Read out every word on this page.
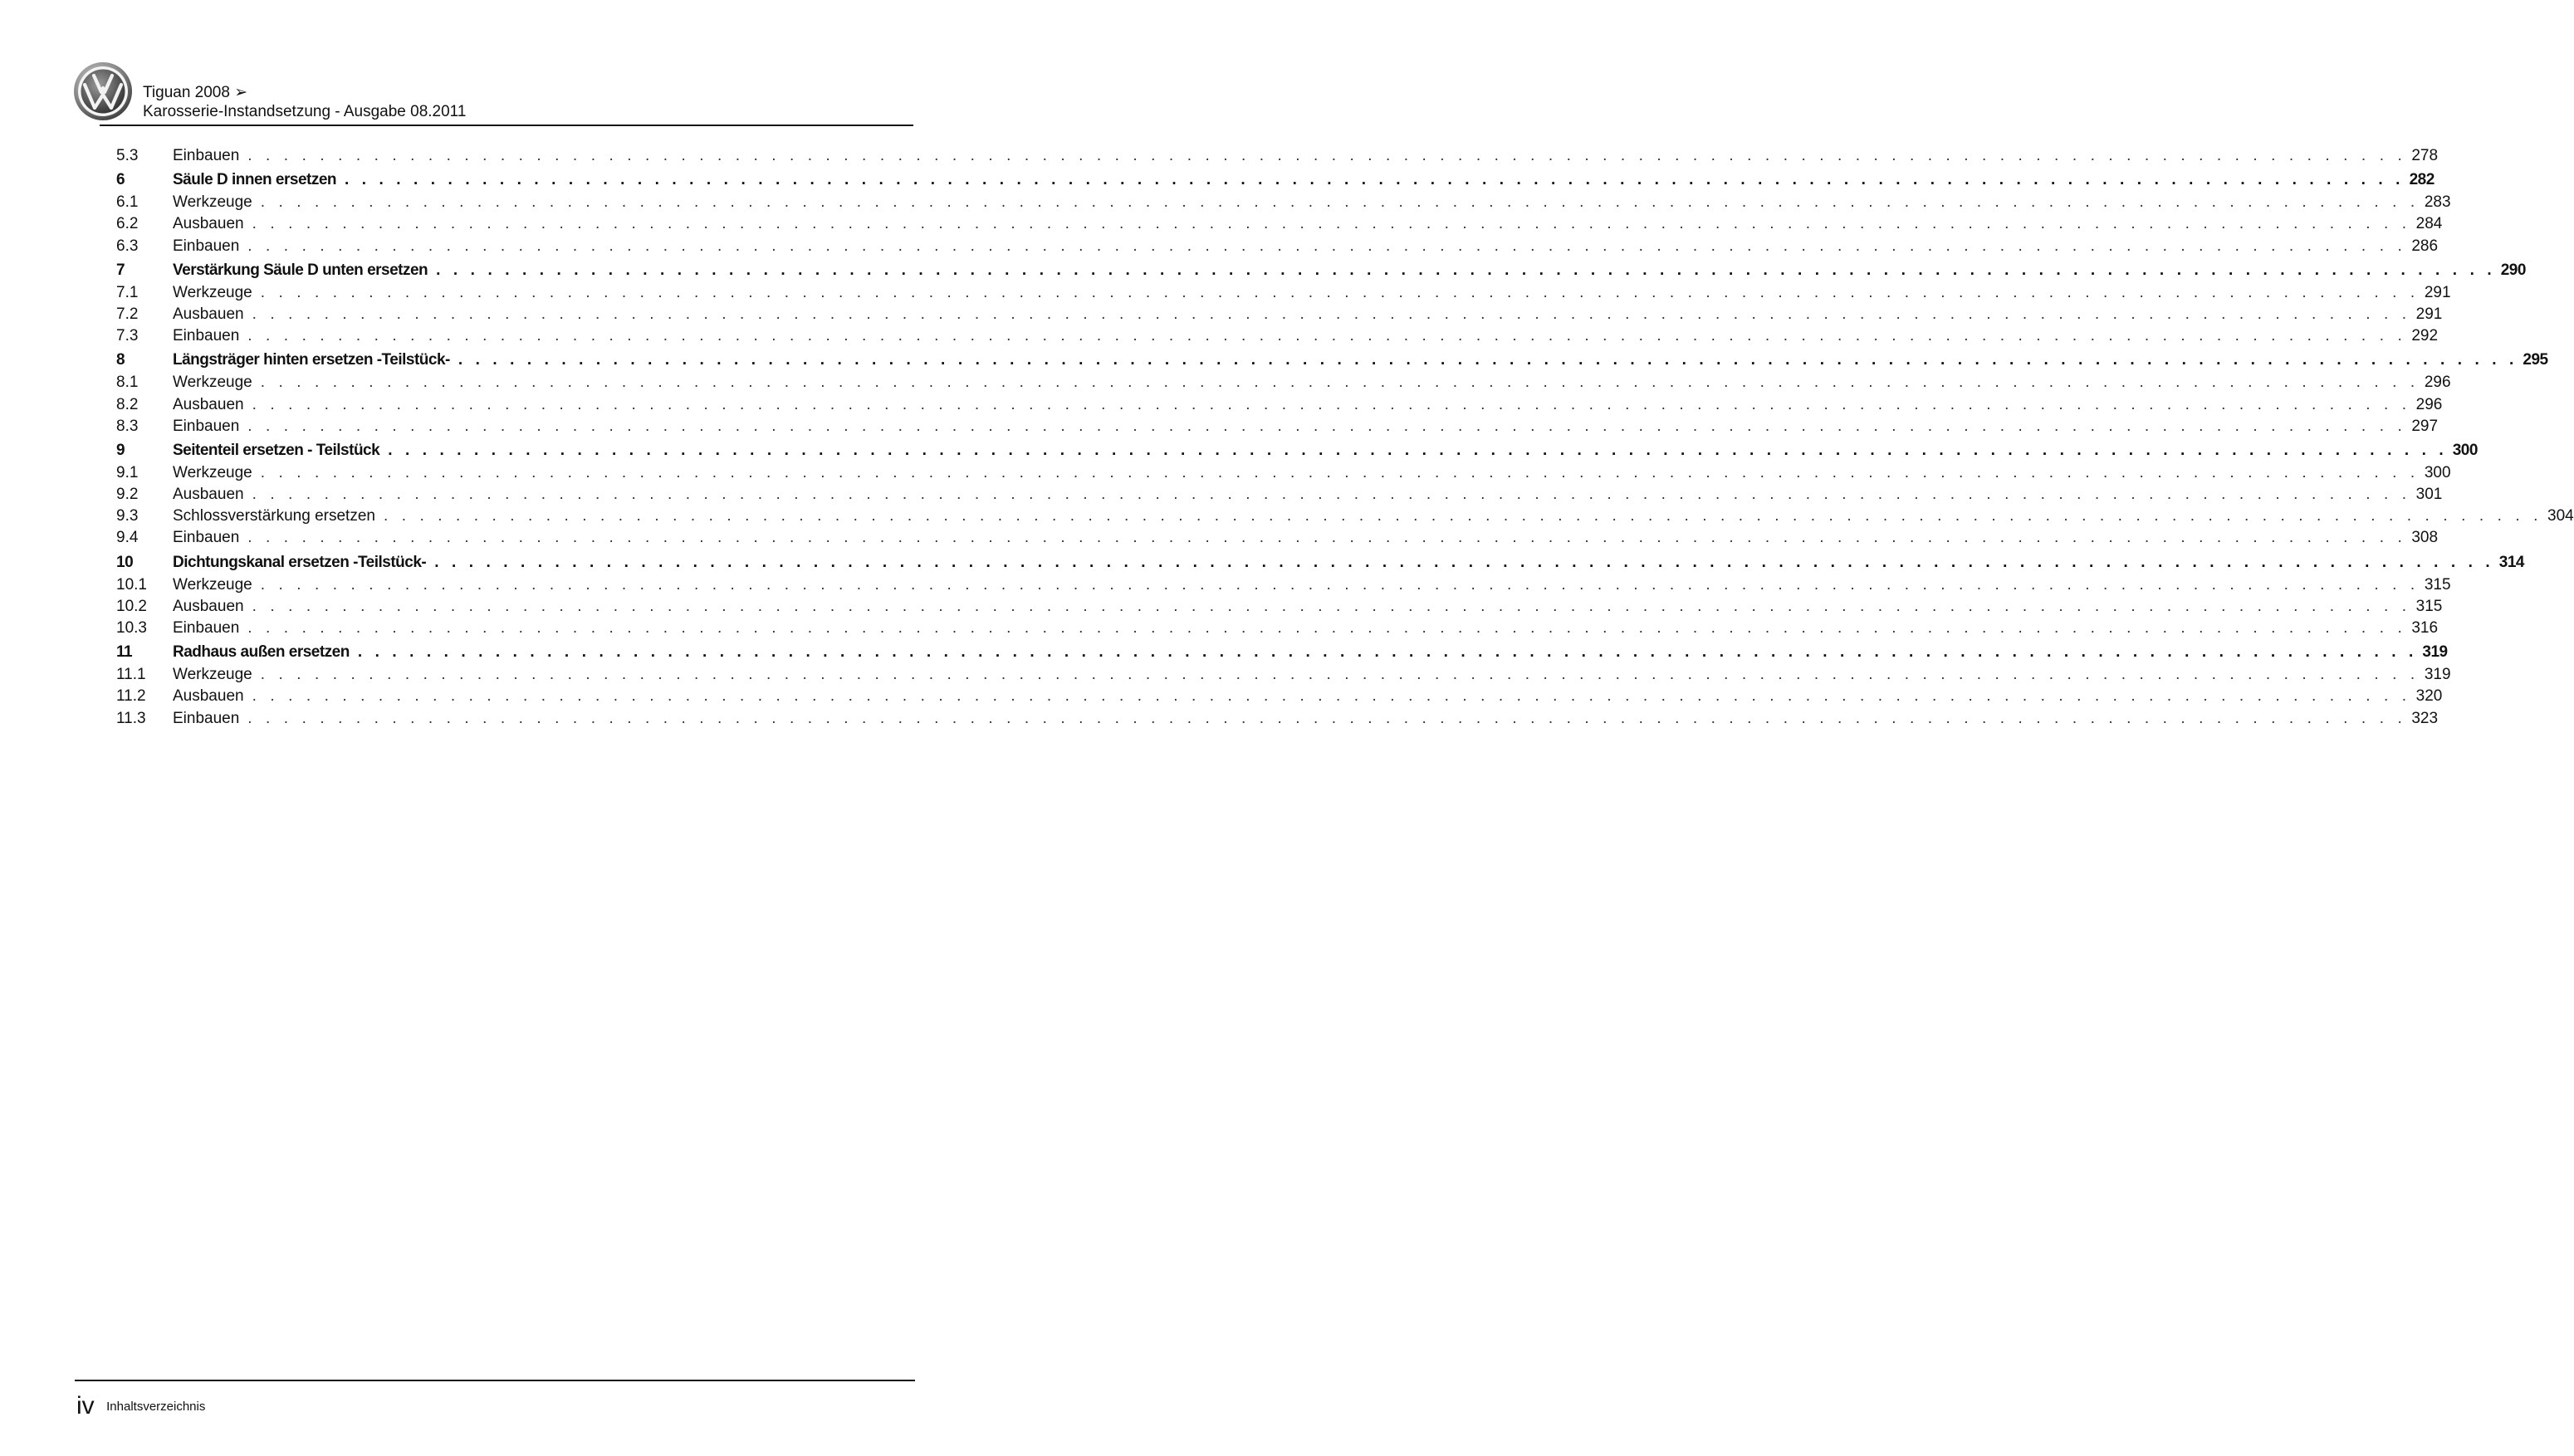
Tiguan 2008 ➢
Karosserie-Instandsetzung - Ausgabe 08.2011
5.3	Einbauen . . . . . . . . . . . . . . . . . . . . . . . . . . . . . . . . . . . . . . . . . . . . . . . . . . . . . . . . . . . . . . . . . . . . . . . . . . . . . . . . . . . . . . . . . . . . . . . . . . . . . . . . . . . . . . . . . . . . . . . . 278
6	Säule D innen ersetzen . . . . . . . . . . . . . . . . . . . . . . . . . . . . . . . . . . . . . . . . . . . . . . . . . . . . . . . . . . . . . . . . . . . . . . . . . . . . . . . . . . . . . . . . . . . . . . . . . . . . . . . . . . . . . . . . . . . . . . . . 282
6.1	Werkzeuge . . . . . . . . . . . . . . . . . . . . . . . . . . . . . . . . . . . . . . . . . . . . . . . . . . . . . . . . . . . . . . . . . . . . . . . . . . . . . . . . . . . . . . . . . . . . . . . . . . . . . . . . . . . . . . . . . . . . . . . . 283
6.2	Ausbauen . . . . . . . . . . . . . . . . . . . . . . . . . . . . . . . . . . . . . . . . . . . . . . . . . . . . . . . . . . . . . . . . . . . . . . . . . . . . . . . . . . . . . . . . . . . . . . . . . . . . . . . . . . . . . . . . . . . . . . . . 284
6.3	Einbauen . . . . . . . . . . . . . . . . . . . . . . . . . . . . . . . . . . . . . . . . . . . . . . . . . . . . . . . . . . . . . . . . . . . . . . . . . . . . . . . . . . . . . . . . . . . . . . . . . . . . . . . . . . . . . . . . . . . . . . . . 286
7	Verstärkung Säule D unten ersetzen . . . . . . . . . . . . . . . . . . . . . . . . . . . . . . . . . . . . . . . . . . . . . . . . . . . . . . . . . . . . . . . . . . . . . . . . . . . . . . . . . . . . . . . . . . . . . . . . . . . . . . . . . . . . . . . . . . . . . . . . 290
7.1	Werkzeuge . . . . . . . . . . . . . . . . . . . . . . . . . . . . . . . . . . . . . . . . . . . . . . . . . . . . . . . . . . . . . . . . . . . . . . . . . . . . . . . . . . . . . . . . . . . . . . . . . . . . . . . . . . . . . . . . . . . . . . . . 291
7.2	Ausbauen . . . . . . . . . . . . . . . . . . . . . . . . . . . . . . . . . . . . . . . . . . . . . . . . . . . . . . . . . . . . . . . . . . . . . . . . . . . . . . . . . . . . . . . . . . . . . . . . . . . . . . . . . . . . . . . . . . . . . . . . 291
7.3	Einbauen . . . . . . . . . . . . . . . . . . . . . . . . . . . . . . . . . . . . . . . . . . . . . . . . . . . . . . . . . . . . . . . . . . . . . . . . . . . . . . . . . . . . . . . . . . . . . . . . . . . . . . . . . . . . . . . . . . . . . . . . 292
8	Längsträger hinten ersetzen -Teilstück- . . . . . . . . . . . . . . . . . . . . . . . . . . . . . . . . . . . . . . . . . . . . . . . . . . . . . . . . . . . . . . . . . . . . . . . . . . . . . . . . . . . . . . . . . . . . . . . . . . . . . . . . . . . . . . . . . . . . . . . . 295
8.1	Werkzeuge . . . . . . . . . . . . . . . . . . . . . . . . . . . . . . . . . . . . . . . . . . . . . . . . . . . . . . . . . . . . . . . . . . . . . . . . . . . . . . . . . . . . . . . . . . . . . . . . . . . . . . . . . . . . . . . . . . . . . . . . 296
8.2	Ausbauen . . . . . . . . . . . . . . . . . . . . . . . . . . . . . . . . . . . . . . . . . . . . . . . . . . . . . . . . . . . . . . . . . . . . . . . . . . . . . . . . . . . . . . . . . . . . . . . . . . . . . . . . . . . . . . . . . . . . . . . . 296
8.3	Einbauen . . . . . . . . . . . . . . . . . . . . . . . . . . . . . . . . . . . . . . . . . . . . . . . . . . . . . . . . . . . . . . . . . . . . . . . . . . . . . . . . . . . . . . . . . . . . . . . . . . . . . . . . . . . . . . . . . . . . . . . . 297
9	Seitenteil ersetzen - Teilstück . . . . . . . . . . . . . . . . . . . . . . . . . . . . . . . . . . . . . . . . . . . . . . . . . . . . . . . . . . . . . . . . . . . . . . . . . . . . . . . . . . . . . . . . . . . . . . . . . . . . . . . . . . . . . . . . . . . . . . . . 300
9.1	Werkzeuge . . . . . . . . . . . . . . . . . . . . . . . . . . . . . . . . . . . . . . . . . . . . . . . . . . . . . . . . . . . . . . . . . . . . . . . . . . . . . . . . . . . . . . . . . . . . . . . . . . . . . . . . . . . . . . . . . . . . . . . . 300
9.2	Ausbauen . . . . . . . . . . . . . . . . . . . . . . . . . . . . . . . . . . . . . . . . . . . . . . . . . . . . . . . . . . . . . . . . . . . . . . . . . . . . . . . . . . . . . . . . . . . . . . . . . . . . . . . . . . . . . . . . . . . . . . . . 301
9.3	Schlossverstärkung ersetzen . . . . . . . . . . . . . . . . . . . . . . . . . . . . . . . . . . . . . . . . . . . . . . . . . . . . . . . . . . . . . . . . . . . . . . . . . . . . . . . . . . . . . . . . . . . . . . . . . . . . . . . . . . . . . . . . . . . . . . . . 304
9.4	Einbauen . . . . . . . . . . . . . . . . . . . . . . . . . . . . . . . . . . . . . . . . . . . . . . . . . . . . . . . . . . . . . . . . . . . . . . . . . . . . . . . . . . . . . . . . . . . . . . . . . . . . . . . . . . . . . . . . . . . . . . . . 308
10	Dichtungskanal ersetzen -Teilstück- . . . . . . . . . . . . . . . . . . . . . . . . . . . . . . . . . . . . . . . . . . . . . . . . . . . . . . . . . . . . . . . . . . . . . . . . . . . . . . . . . . . . . . . . . . . . . . . . . . . . . . . . . . . . . . . . . . . . . . . . 314
10.1	Werkzeuge . . . . . . . . . . . . . . . . . . . . . . . . . . . . . . . . . . . . . . . . . . . . . . . . . . . . . . . . . . . . . . . . . . . . . . . . . . . . . . . . . . . . . . . . . . . . . . . . . . . . . . . . . . . . . . . . . . . . . . . . 315
10.2	Ausbauen . . . . . . . . . . . . . . . . . . . . . . . . . . . . . . . . . . . . . . . . . . . . . . . . . . . . . . . . . . . . . . . . . . . . . . . . . . . . . . . . . . . . . . . . . . . . . . . . . . . . . . . . . . . . . . . . . . . . . . . . 315
10.3	Einbauen . . . . . . . . . . . . . . . . . . . . . . . . . . . . . . . . . . . . . . . . . . . . . . . . . . . . . . . . . . . . . . . . . . . . . . . . . . . . . . . . . . . . . . . . . . . . . . . . . . . . . . . . . . . . . . . . . . . . . . . . 316
11	Radhaus außen ersetzen . . . . . . . . . . . . . . . . . . . . . . . . . . . . . . . . . . . . . . . . . . . . . . . . . . . . . . . . . . . . . . . . . . . . . . . . . . . . . . . . . . . . . . . . . . . . . . . . . . . . . . . . . . . . . . . . . . . . . . . . 319
11.1	Werkzeuge . . . . . . . . . . . . . . . . . . . . . . . . . . . . . . . . . . . . . . . . . . . . . . . . . . . . . . . . . . . . . . . . . . . . . . . . . . . . . . . . . . . . . . . . . . . . . . . . . . . . . . . . . . . . . . . . . . . . . . . . 319
11.2	Ausbauen . . . . . . . . . . . . . . . . . . . . . . . . . . . . . . . . . . . . . . . . . . . . . . . . . . . . . . . . . . . . . . . . . . . . . . . . . . . . . . . . . . . . . . . . . . . . . . . . . . . . . . . . . . . . . . . . . . . . . . . . 320
11.3	Einbauen . . . . . . . . . . . . . . . . . . . . . . . . . . . . . . . . . . . . . . . . . . . . . . . . . . . . . . . . . . . . . . . . . . . . . . . . . . . . . . . . . . . . . . . . . . . . . . . . . . . . . . . . . . . . . . . . . . . . . . . . 323
iv Inhaltsverzeichnis
